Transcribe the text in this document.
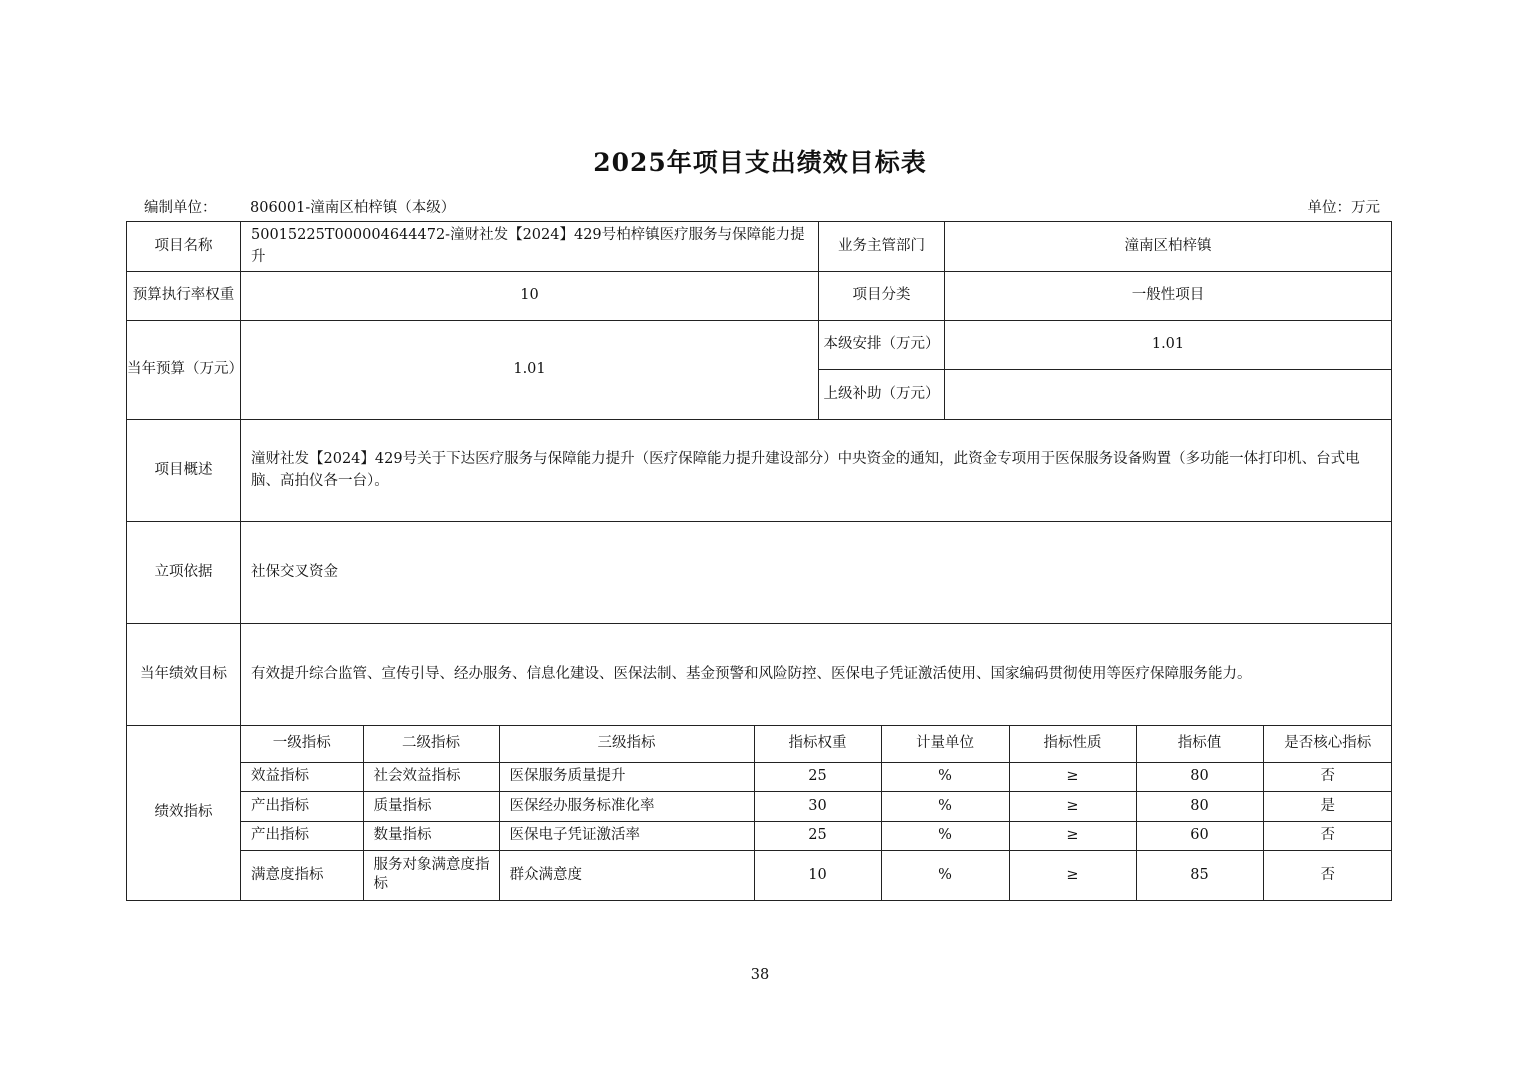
2025年项目支出绩效目标表
编制单位： 806001-潼南区柏梓镇（本级）	单位：万元
项目名称	50015225T000004644472-潼财社发【2024】429号柏梓镇医疗服务与保障能力提升	业务主管部门	潼南区柏梓镇
预算执行率权重	10	项目分类	一般性项目
当年预算（万元）	1.01	本级安排（万元）	1.01
上级补助（万元）	
项目概述	潼财社发【2024】429号关于下达医疗服务与保障能力提升（医疗保障能力提升建设部分）中央资金的通知，此资金专项用于医保服务设备购置（多功能一体打印机、台式电脑、高拍仪各一台）。
立项依据	社保交叉资金
当年绩效目标	有效提升综合监管、宣传引导、经办服务、信息化建设、医保法制、基金预警和风险防控、医保电子凭证激活使用、国家编码贯彻使用等医疗保障服务能力。
绩效指标	
一级指标	二级指标	三级指标	指标权重	计量单位	指标性质	指标值	是否核心指标
效益指标	社会效益指标	医保服务质量提升	25	%	≥	80	否
产出指标	质量指标	医保经办服务标准化率	30	%	≥	80	是
产出指标	数量指标	医保电子凭证激活率	25	%	≥	60	否
满意度指标	服务对象满意度指标	群众满意度	10	%	≥	85	否
38
